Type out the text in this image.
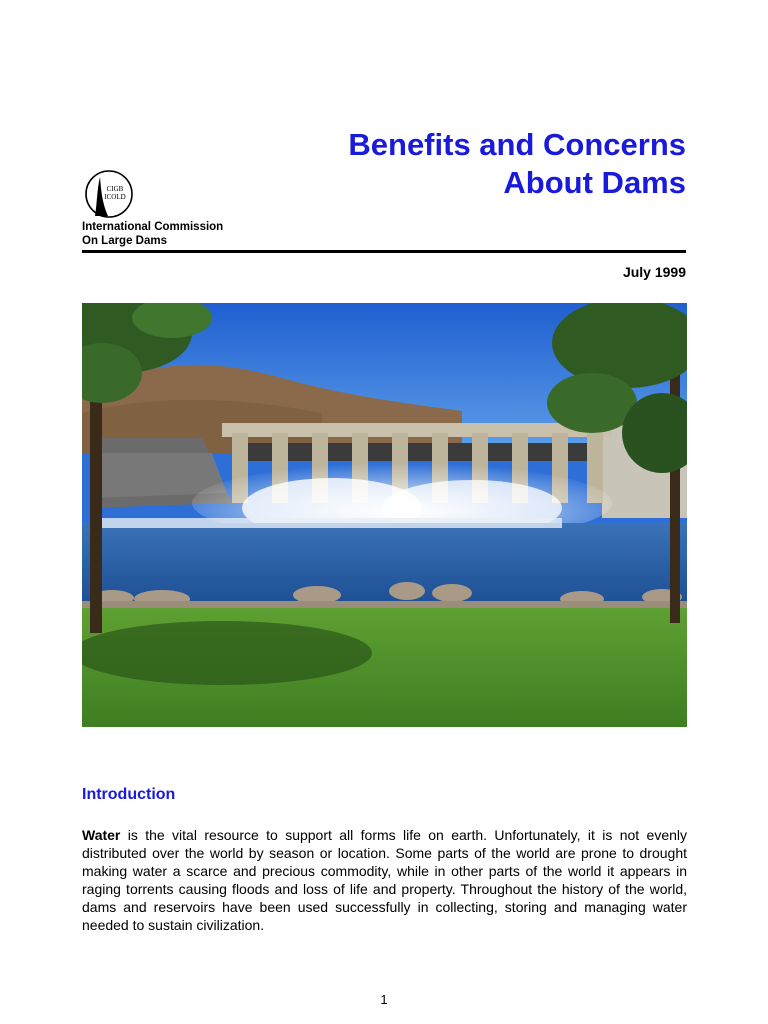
Benefits and Concerns
About Dams
CIGB
ICOLD
International Commission
On Large Dams
July 1999
Introduction

Water is the vital resource to support all forms life on earth. Unfortunately, it is not evenly distributed over the world by season or location. Some parts of the world are prone to drought making water a scarce and precious commodity, while in other parts of the world it appears in raging torrents causing floods and loss of life and property. Throughout the history of the world, dams and reservoirs have been used successfully in collecting, storing and managing water needed to sustain civilization.

1
